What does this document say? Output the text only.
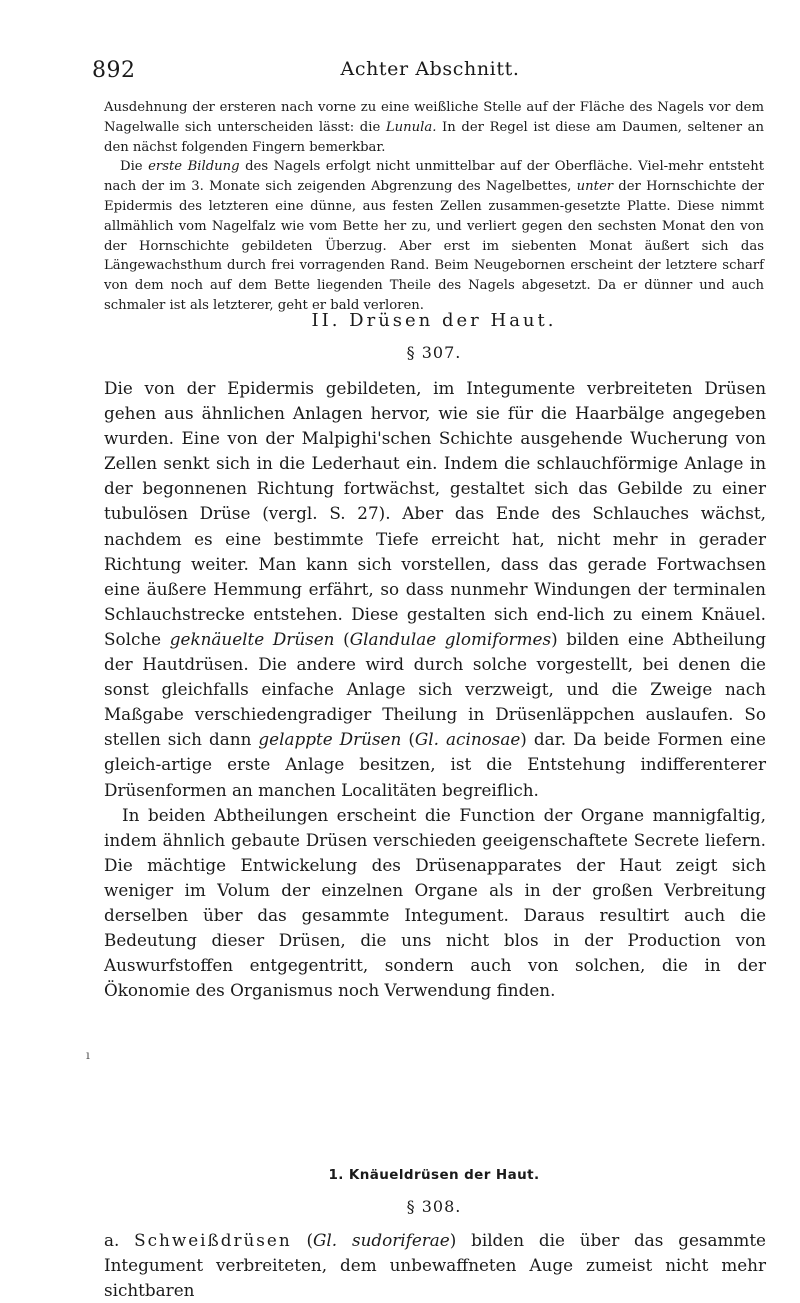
892	Achter Abschnitt.

Ausdehnung der ersteren nach vorne zu eine weißliche Stelle auf der Fläche des Nagels vor dem Nagelwalle sich unterscheiden lässt: die Lunula. In der Regel ist diese am Daumen, seltener an den nächst folgenden Fingern bemerkbar.

Die erste Bildung des Nagels erfolgt nicht unmittelbar auf der Oberfläche. Viel-mehr entsteht nach der im 3. Monate sich zeigenden Abgrenzung des Nagelbettes, unter der Hornschichte der Epidermis des letzteren eine dünne, aus festen Zellen zusammen-gesetzte Platte. Diese nimmt allmählich vom Nagelfalz wie vom Bette her zu, und verliert gegen den sechsten Monat den von der Hornschichte gebildeten Überzug. Aber erst im siebenten Monat äußert sich das Längewachsthum durch frei vorragenden Rand. Beim Neugebornen erscheint der letztere scharf von dem noch auf dem Bette liegenden Theile des Nagels abgesetzt. Da er dünner und auch schmaler ist als letzterer, geht er bald verloren.

II. Drüsen der Haut.
§ 307.

Die von der Epidermis gebildeten, im Integumente verbreiteten Drüsen gehen aus ähnlichen Anlagen hervor, wie sie für die Haarbälge angegeben wurden. Eine von der Malpighi'schen Schichte ausgehende Wucherung von Zellen senkt sich in die Lederhaut ein. Indem die schlauchförmige Anlage in der begonnenen Richtung fortwächst, gestaltet sich das Gebilde zu einer tubulösen Drüse (vergl. S. 27). Aber das Ende des Schlauches wächst, nachdem es eine bestimmte Tiefe erreicht hat, nicht mehr in gerader Richtung weiter. Man kann sich vorstellen, dass das gerade Fortwachsen eine äußere Hemmung erfährt, so dass nunmehr Windungen der terminalen Schlauchstrecke entstehen. Diese gestalten sich end-lich zu einem Knäuel. Solche geknäuelte Drüsen (Glandulae glomiformes) bilden eine Abtheilung der Hautdrüsen. Die andere wird durch solche vorgestellt, bei denen die sonst gleichfalls einfache Anlage sich verzweigt, und die Zweige nach Maßgabe verschiedengradiger Theilung in Drüsenläppchen auslaufen. So stellen sich dann gelappte Drüsen (Gl. acinosae) dar. Da beide Formen eine gleich-artige erste Anlage besitzen, ist die Entstehung indifferenterer Drüsenformen an manchen Localitäten begreiflich.

In beiden Abtheilungen erscheint die Function der Organe mannigfaltig, indem ähnlich gebaute Drüsen verschieden geeigenschaftete Secrete liefern. Die mächtige Entwickelung des Drüsenapparates der Haut zeigt sich weniger im Volum der einzelnen Organe als in der großen Verbreitung derselben über das gesammte Integument. Daraus resultirt auch die Bedeutung dieser Drüsen, die uns nicht blos in der Production von Auswurfstoffen entgegentritt, sondern auch von solchen, die in der Ökonomie des Organismus noch Verwendung finden.

ı
1. Knäueldrüsen der Haut.
§ 308.

a. Schweißdrüsen (Gl. sudoriferae) bilden die über das gesammte Integument verbreiteten, dem unbewaffneten Auge zumeist nicht mehr sichtbaren
